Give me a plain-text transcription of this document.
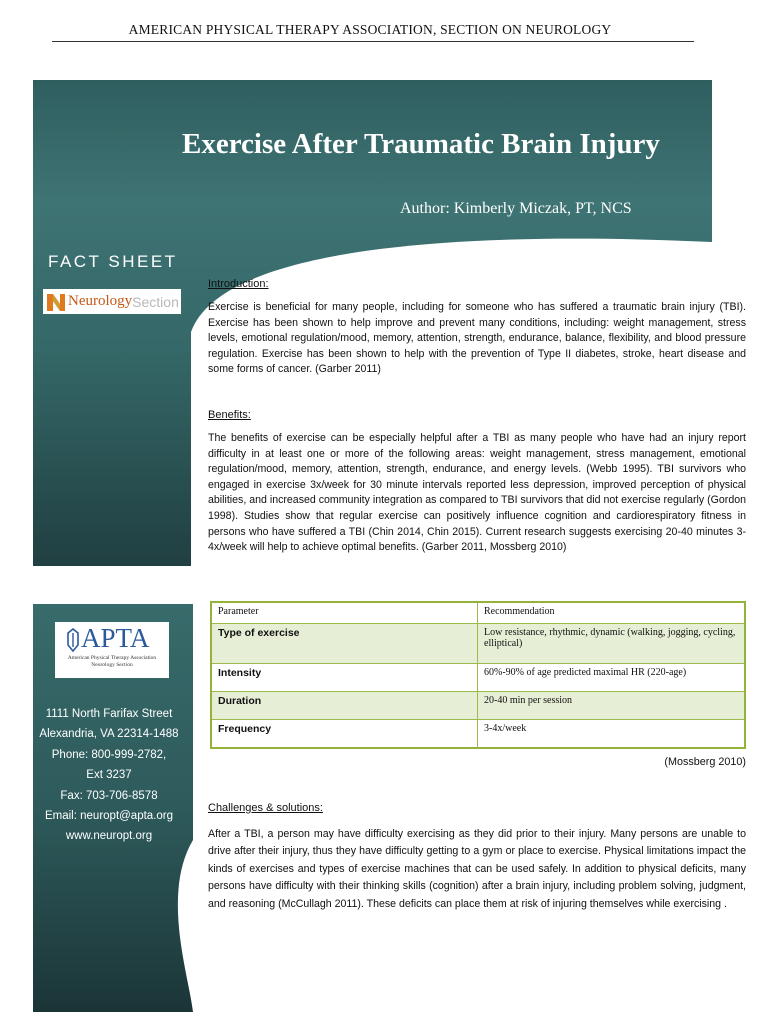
AMERICAN PHYSICAL THERAPY ASSOCIATION, SECTION ON NEUROLOGY
Exercise After Traumatic Brain Injury
Author: Kimberly Miczak, PT, NCS
FACT SHEET
Neurology Section
Introduction:
Exercise is beneficial for many people, including for someone who has suffered a traumatic brain injury (TBI). Exercise has been shown to help improve and prevent many conditions, including: weight management, stress levels, emotional regulation/mood, memory, attention, strength, endurance, balance, flexibility, and blood pressure regulation. Exercise has been shown to help with the prevention of Type II diabetes, stroke, heart disease and some forms of cancer. (Garber 2011)
Benefits:
The benefits of exercise can be especially helpful after a TBI as many people who have had an injury report difficulty in at least one or more of the following areas: weight management, stress management, emotional regulation/mood, memory, attention, strength, endurance, and energy levels. (Webb 1995). TBI survivors who engaged in exercise 3x/week for 30 minute intervals reported less depression, improved perception of physical abilities, and increased community integration as compared to TBI survivors that did not exercise regularly (Gordon 1998). Studies show that regular exercise can positively influence cognition and cardiorespiratory fitness in persons who have suffered a TBI (Chin 2014, Chin 2015). Current research suggests exercising 20-40 minutes 3-4x/week will help to achieve optimal benefits. (Garber 2011, Mossberg 2010)
APTA
American Physical Therapy Association
Neurology Section
1111 North Farifax Street
Alexandria, VA 22314-1488
Phone: 800-999-2782,
Ext 3237
Fax: 703-706-8578
Email: neuropt@apta.org
www.neuropt.org
Parameter	Recommendation
Type of exercise	Low resistance, rhythmic, dynamic (walking, jogging, cycling, elliptical)
Intensity	60%-90% of age predicted maximal HR (220-age)
Duration	20-40 min per session
Frequency	3-4x/week
(Mossberg 2010)
Challenges & solutions:
After a TBI, a person may have difficulty exercising as they did prior to their injury. Many persons are unable to drive after their injury, thus they have difficulty getting to a gym or place to exercise. Physical limitations impact the kinds of exercises and types of exercise machines that can be used safely. In addition to physical deficits, many persons have difficulty with their thinking skills (cognition) after a brain injury, including problem solving, judgment, and reasoning (McCullagh 2011). These deficits can place them at risk of injuring themselves while exercising .
